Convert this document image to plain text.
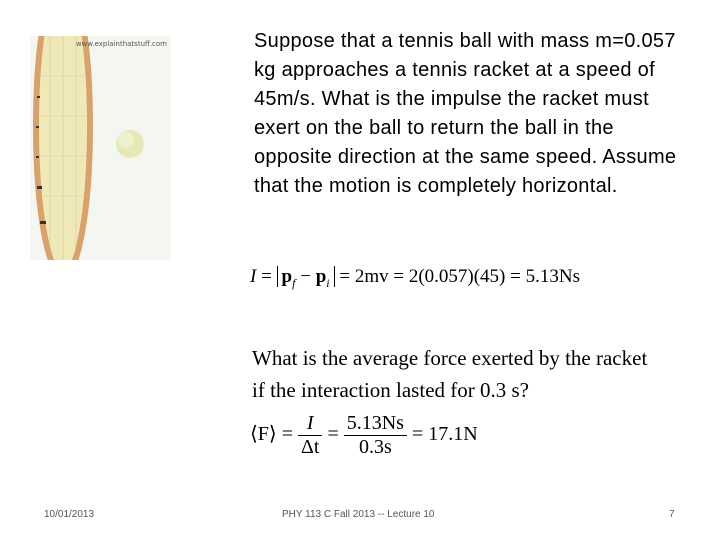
www.explainthatstuff.com	Suppose that a tennis ball with mass m=0.057 kg approaches a tennis racket at a speed of 45m/s. What is the impulse the racket must exert on the ball to return the ball in the opposite direction at the same speed. Assume that the motion is completely horizontal.
$I = p_f - p_i = 2mv = 2(0.057)(45) = 5.13Ns$
What is the average force exerted by the racket
if the interaction lasted for 0.3 s?
⟨F⟩ = $\frac{I}{\Delta t} = \frac{5.13Ns}{0.3s} = 17.1N$
10/01/2013	PHY 113 C Fall 2013 -- Lecture 10	7
